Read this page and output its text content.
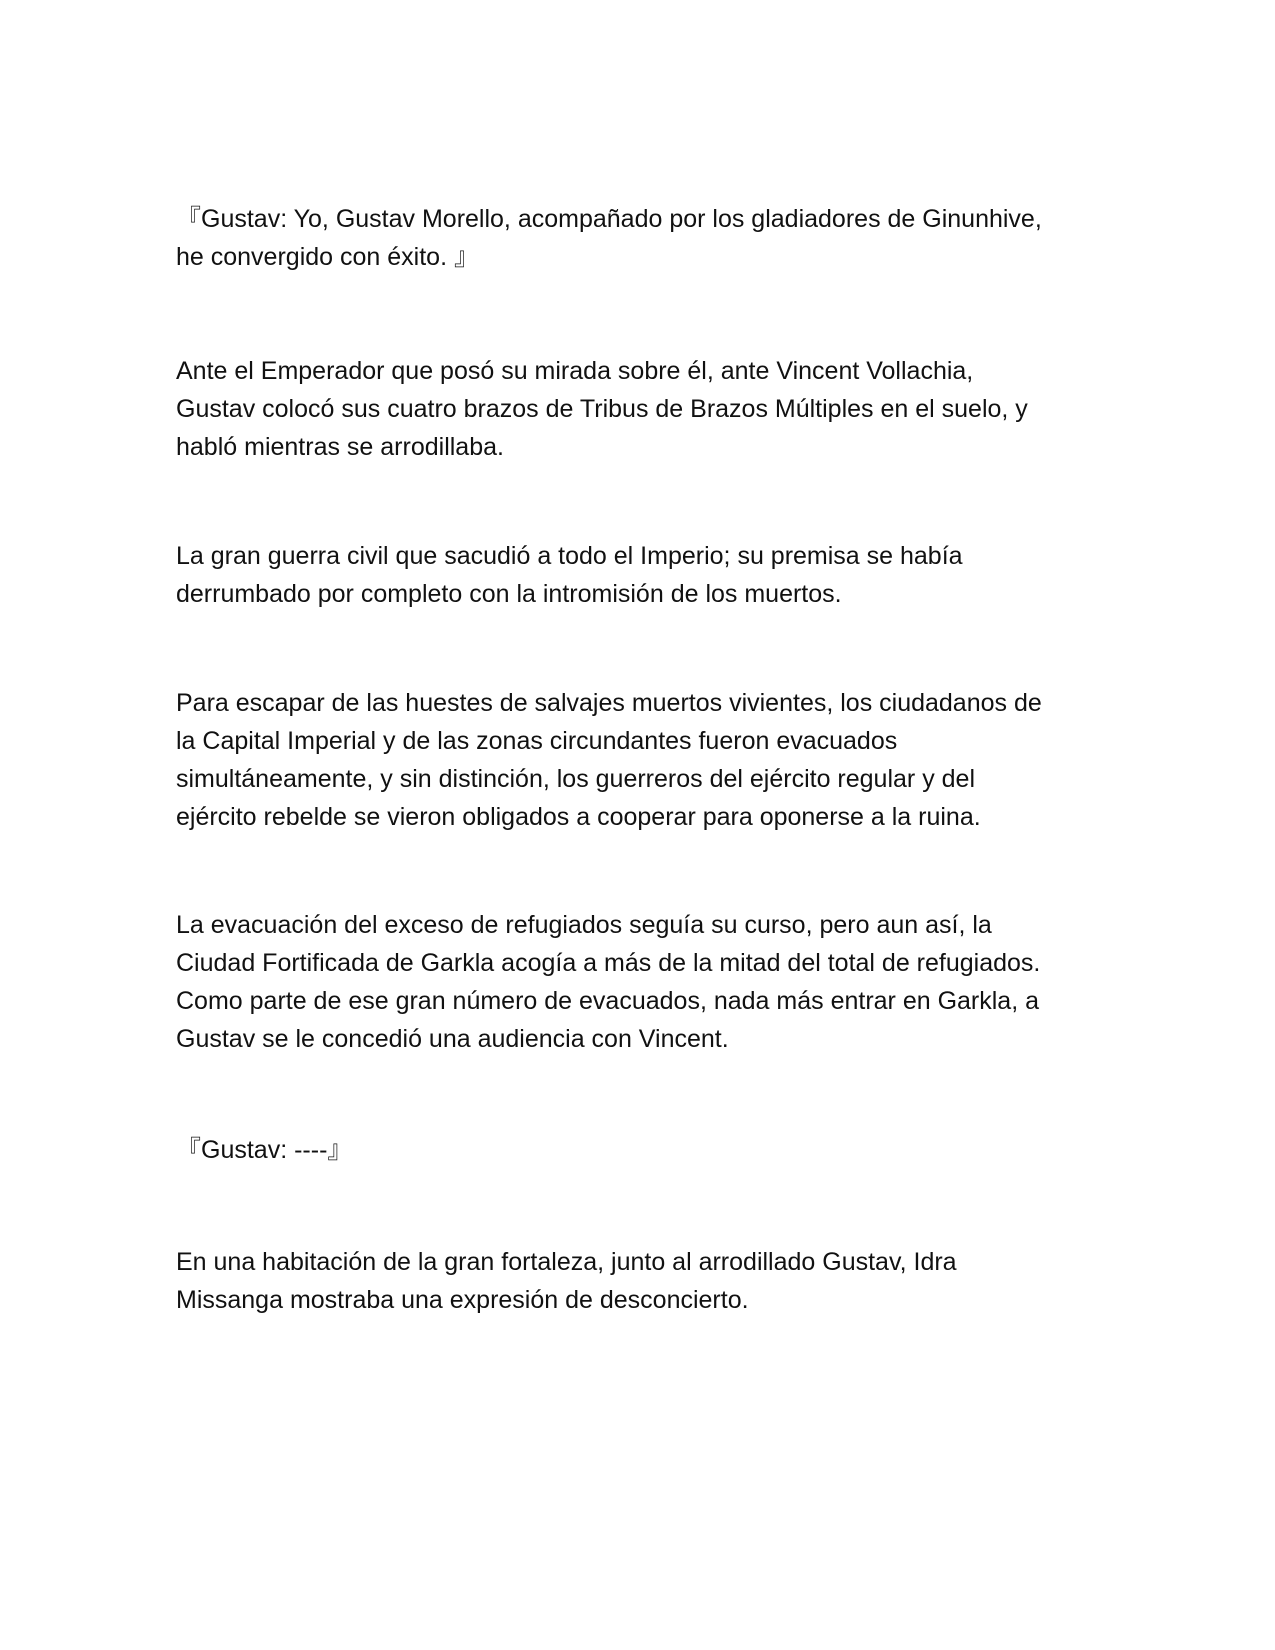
『Gustav: Yo, Gustav Morello, acompañado por los gladiadores de Ginunhive,
he convergido con éxito. 』

Ante el Emperador que posó su mirada sobre él, ante Vincent Vollachia,
Gustav colocó sus cuatro brazos de Tribus de Brazos Múltiples en el suelo, y
habló mientras se arrodillaba.

La gran guerra civil que sacudió a todo el Imperio; su premisa se había
derrumbado por completo con la intromisión de los muertos.

Para escapar de las huestes de salvajes muertos vivientes, los ciudadanos de
la Capital Imperial y de las zonas circundantes fueron evacuados
simultáneamente, y sin distinción, los guerreros del ejército regular y del
ejército rebelde se vieron obligados a cooperar para oponerse a la ruina.

La evacuación del exceso de refugiados seguía su curso, pero aun así, la
Ciudad Fortificada de Garkla acogía a más de la mitad del total de refugiados.
Como parte de ese gran número de evacuados, nada más entrar en Garkla, a
Gustav se le concedió una audiencia con Vincent.

『Gustav: ----』

En una habitación de la gran fortaleza, junto al arrodillado Gustav, Idra
Missanga mostraba una expresión de desconcierto.
